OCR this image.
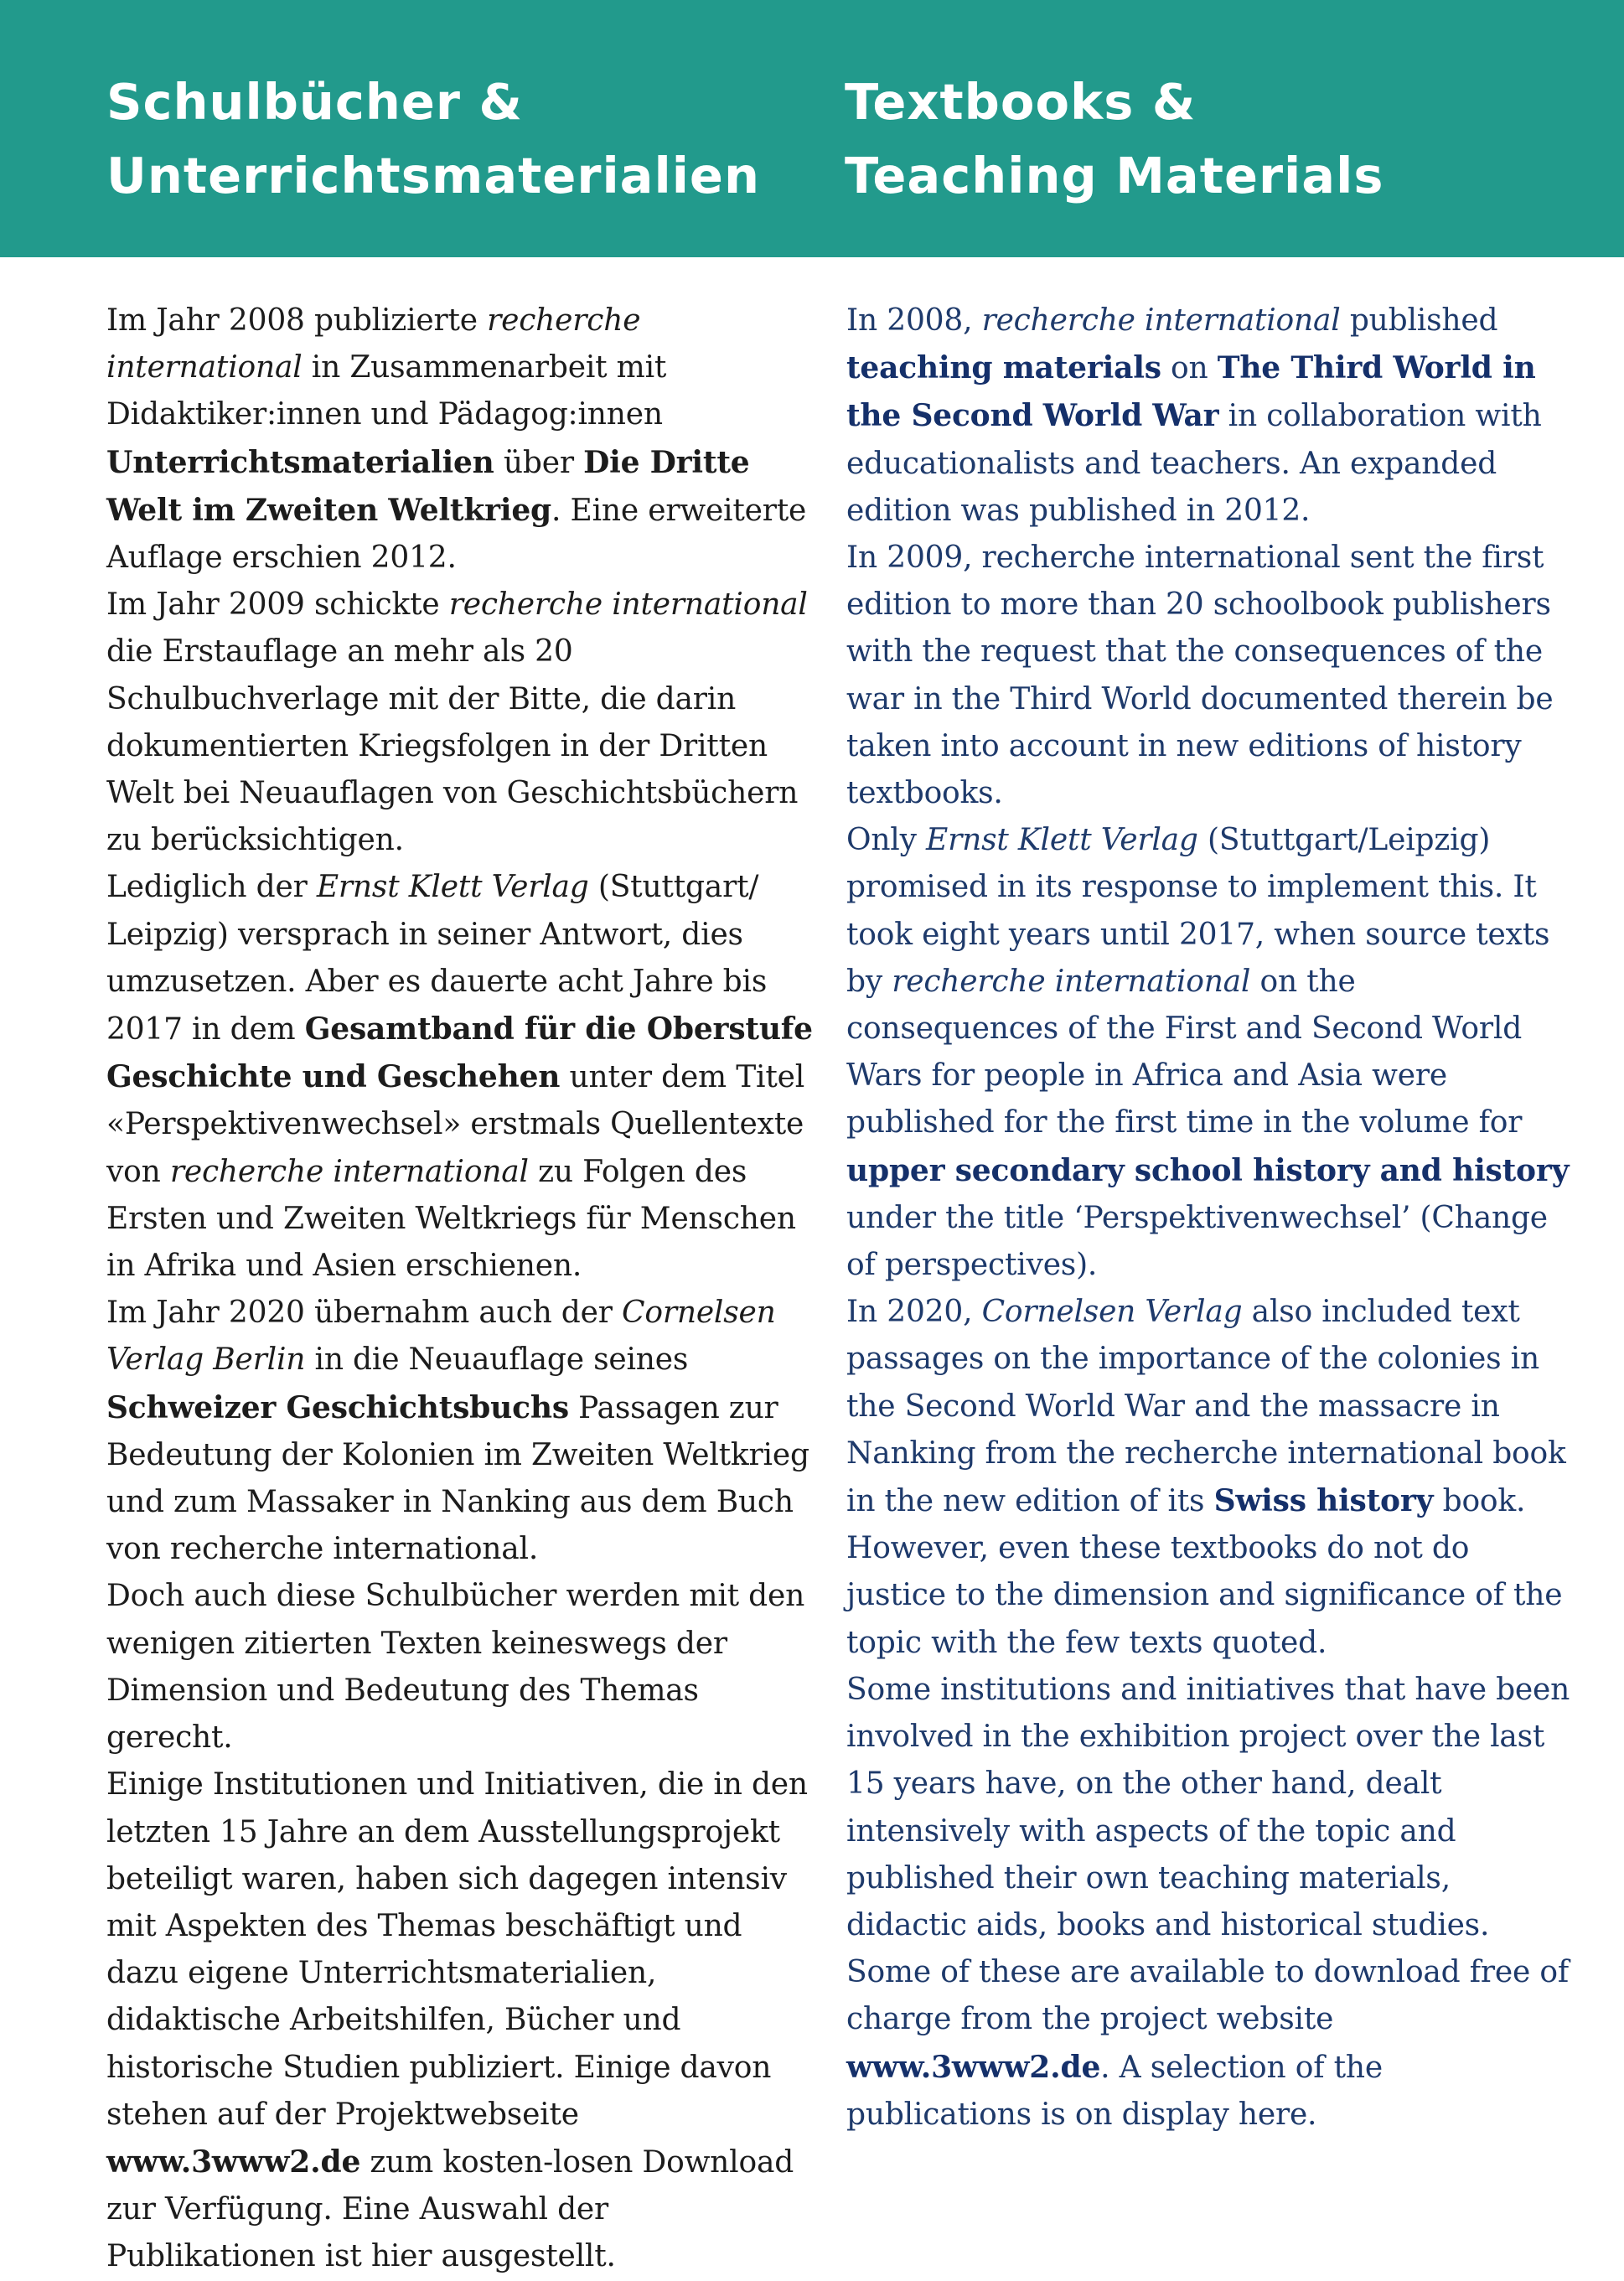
Schulbücher &
Unterrichtsmaterialien
Textbooks &
Teaching Materials

Im Jahr 2008 publizierte recherche international in Zusammenarbeit mit Didaktiker:innen und Pädagog:innen Unterrichtsmaterialien über Die Dritte Welt im Zweiten Weltkrieg. Eine erweiterte Auflage erschien 2012.

Im Jahr 2009 schickte recherche international die Erstauflage an mehr als 20 Schulbuchverlage mit der Bitte, die darin dokumentierten Kriegsfolgen in der Dritten Welt bei Neuauflagen von Geschichtsbüchern zu berücksichtigen.

Lediglich der Ernst Klett Verlag (Stuttgart/ Leipzig) versprach in seiner Antwort, dies umzusetzen. Aber es dauerte acht Jahre bis 2017 in dem Gesamtband für die Oberstufe Geschichte und Geschehen unter dem Titel «Perspektivenwechsel» erstmals Quellentexte von recherche international zu Folgen des Ersten und Zweiten Weltkriegs für Menschen in Afrika und Asien erschienen.

Im Jahr 2020 übernahm auch der Cornelsen Verlag Berlin in die Neuauflage seines Schweizer Geschichtsbuchs Passagen zur Bedeutung der Kolonien im Zweiten Weltkrieg und zum Massaker in Nanking aus dem Buch von recherche international.

Doch auch diese Schulbücher werden mit den wenigen zitierten Texten keineswegs der Dimension und Bedeutung des Themas gerecht.

Einige Institutionen und Initiativen, die in den letzten 15 Jahre an dem Ausstellungsprojekt beteiligt waren, haben sich dagegen intensiv mit Aspekten des Themas beschäftigt und dazu eigene Unterrichtsmaterialien, didaktische Arbeitshilfen, Bücher und historische Studien publiziert. Einige davon stehen auf der Projektwebseite www.3www2.de zum kosten-losen Download zur Verfügung. Eine Auswahl der Publikationen ist hier ausgestellt.

In 2008, recherche international published teaching materials on The Third World in the Second World War in collaboration with educationalists and teachers. An expanded edition was published in 2012.

In 2009, recherche international sent the first edition to more than 20 schoolbook publishers with the request that the consequences of the war in the Third World documented therein be taken into account in new editions of history textbooks.

Only Ernst Klett Verlag (Stuttgart/Leipzig) promised in its response to implement this. It took eight years until 2017, when source texts by recherche international on the consequences of the First and Second World Wars for people in Africa and Asia were published for the first time in the volume for upper secondary school history and history under the title ‘Perspektivenwechsel’ (Change of perspectives).

In 2020, Cornelsen Verlag also included text passages on the importance of the colonies in the Second World War and the massacre in Nanking from the recherche international book in the new edition of its Swiss history book.

However, even these textbooks do not do justice to the dimension and significance of the topic with the few texts quoted.

Some institutions and initiatives that have been involved in the exhibition project over the last 15 years have, on the other hand, dealt intensively with aspects of the topic and published their own teaching materials, didactic aids, books and historical studies. Some of these are available to download free of charge from the project website www.3www2.de. A selection of the publications is on display here.
